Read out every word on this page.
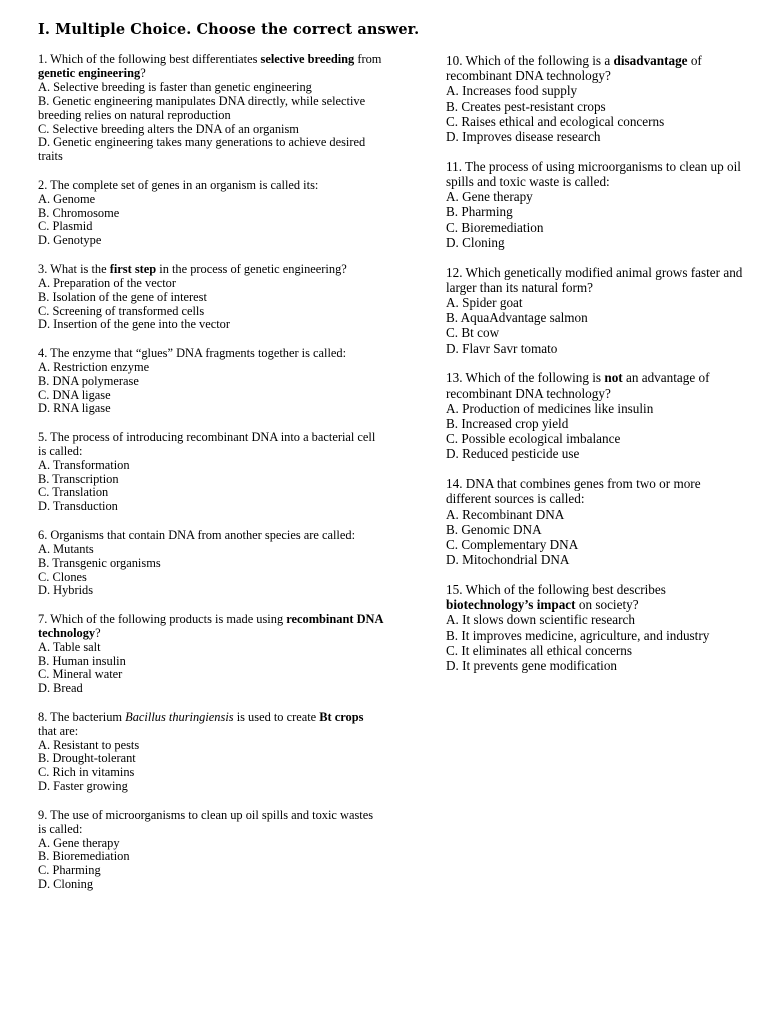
I. Multiple Choice. Choose the correct answer.
1. Which of the following best differentiates selective breeding from genetic engineering?
A. Selective breeding is faster than genetic engineering
B. Genetic engineering manipulates DNA directly, while selective breeding relies on natural reproduction
C. Selective breeding alters the DNA of an organism
D. Genetic engineering takes many generations to achieve desired traits
2. The complete set of genes in an organism is called its:
A. Genome
B. Chromosome
C. Plasmid
D. Genotype
3. What is the first step in the process of genetic engineering?
A. Preparation of the vector
B. Isolation of the gene of interest
C. Screening of transformed cells
D. Insertion of the gene into the vector
4. The enzyme that “glues” DNA fragments together is called:
A. Restriction enzyme
B. DNA polymerase
C. DNA ligase
D. RNA ligase
5. The process of introducing recombinant DNA into a bacterial cell is called:
A. Transformation
B. Transcription
C. Translation
D. Transduction
6. Organisms that contain DNA from another species are called:
A. Mutants
B. Transgenic organisms
C. Clones
D. Hybrids
7. Which of the following products is made using recombinant DNA technology?
A. Table salt
B. Human insulin
C. Mineral water
D. Bread
8. The bacterium Bacillus thuringiensis is used to create Bt crops that are:
A. Resistant to pests
B. Drought-tolerant
C. Rich in vitamins
D. Faster growing
9. The use of microorganisms to clean up oil spills and toxic wastes is called:
A. Gene therapy
B. Bioremediation
C. Pharming
D. Cloning
10. Which of the following is a disadvantage of recombinant DNA technology?
A. Increases food supply
B. Creates pest-resistant crops
C. Raises ethical and ecological concerns
D. Improves disease research
11. The process of using microorganisms to clean up oil spills and toxic waste is called:
A. Gene therapy
B. Pharming
C. Bioremediation
D. Cloning
12. Which genetically modified animal grows faster and larger than its natural form?
A. Spider goat
B. AquaAdvantage salmon
C. Bt cow
D. Flavr Savr tomato
13. Which of the following is not an advantage of recombinant DNA technology?
A. Production of medicines like insulin
B. Increased crop yield
C. Possible ecological imbalance
D. Reduced pesticide use
14. DNA that combines genes from two or more different sources is called:
A. Recombinant DNA
B. Genomic DNA
C. Complementary DNA
D. Mitochondrial DNA
15. Which of the following best describes biotechnology’s impact on society?
A. It slows down scientific research
B. It improves medicine, agriculture, and industry
C. It eliminates all ethical concerns
D. It prevents gene modification
